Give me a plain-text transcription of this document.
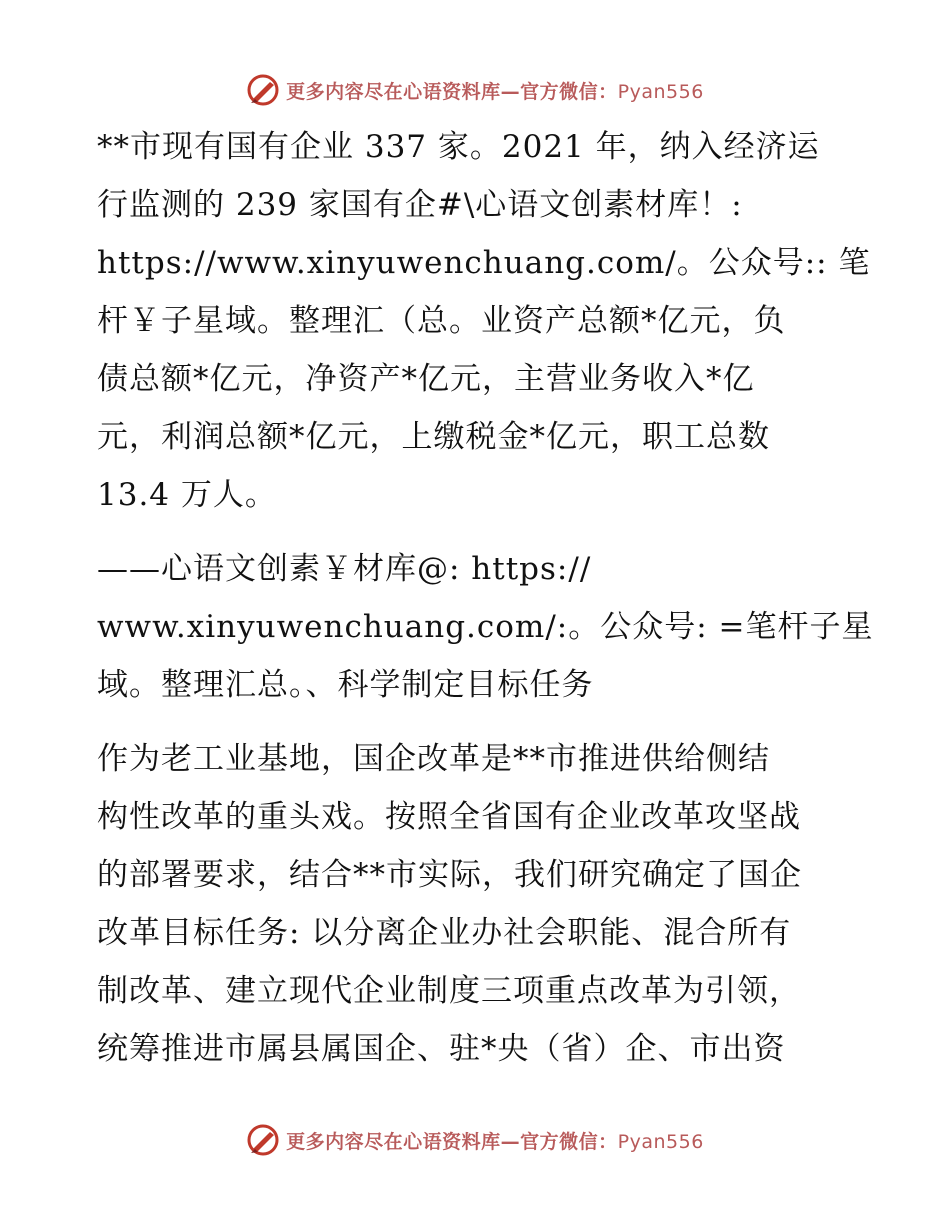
更多内容尽在心语资料库—官方微信：Pyan556

**市现有国有企业 337 家。2021 年，纳入经济运
行监测的 239 家国有企#\心语文创素材库！:
https://www.xinyuwenchuang.com/。公众号:: 笔
杆￥子星域。整理汇（总。业资产总额*亿元，负
债总额*亿元，净资产*亿元，主营业务收入*亿
元，利润总额*亿元，上缴税金*亿元，职工总数
13.4 万人。

——心语文创素￥材库@: https://
www.xinyuwenchuang.com/:。公众号: =笔杆子星
域。整理汇总。、科学制定目标任务

作为老工业基地，国企改革是**市推进供给侧结
构性改革的重头戏。按照全省国有企业改革攻坚战
的部署要求，结合**市实际，我们研究确定了国企
改革目标任务: 以分离企业办社会职能、混合所有
制改革、建立现代企业制度三项重点改革为引领，
统筹推进市属县属国企、驻*央（省）企、市出资

更多内容尽在心语资料库—官方微信：Pyan556
